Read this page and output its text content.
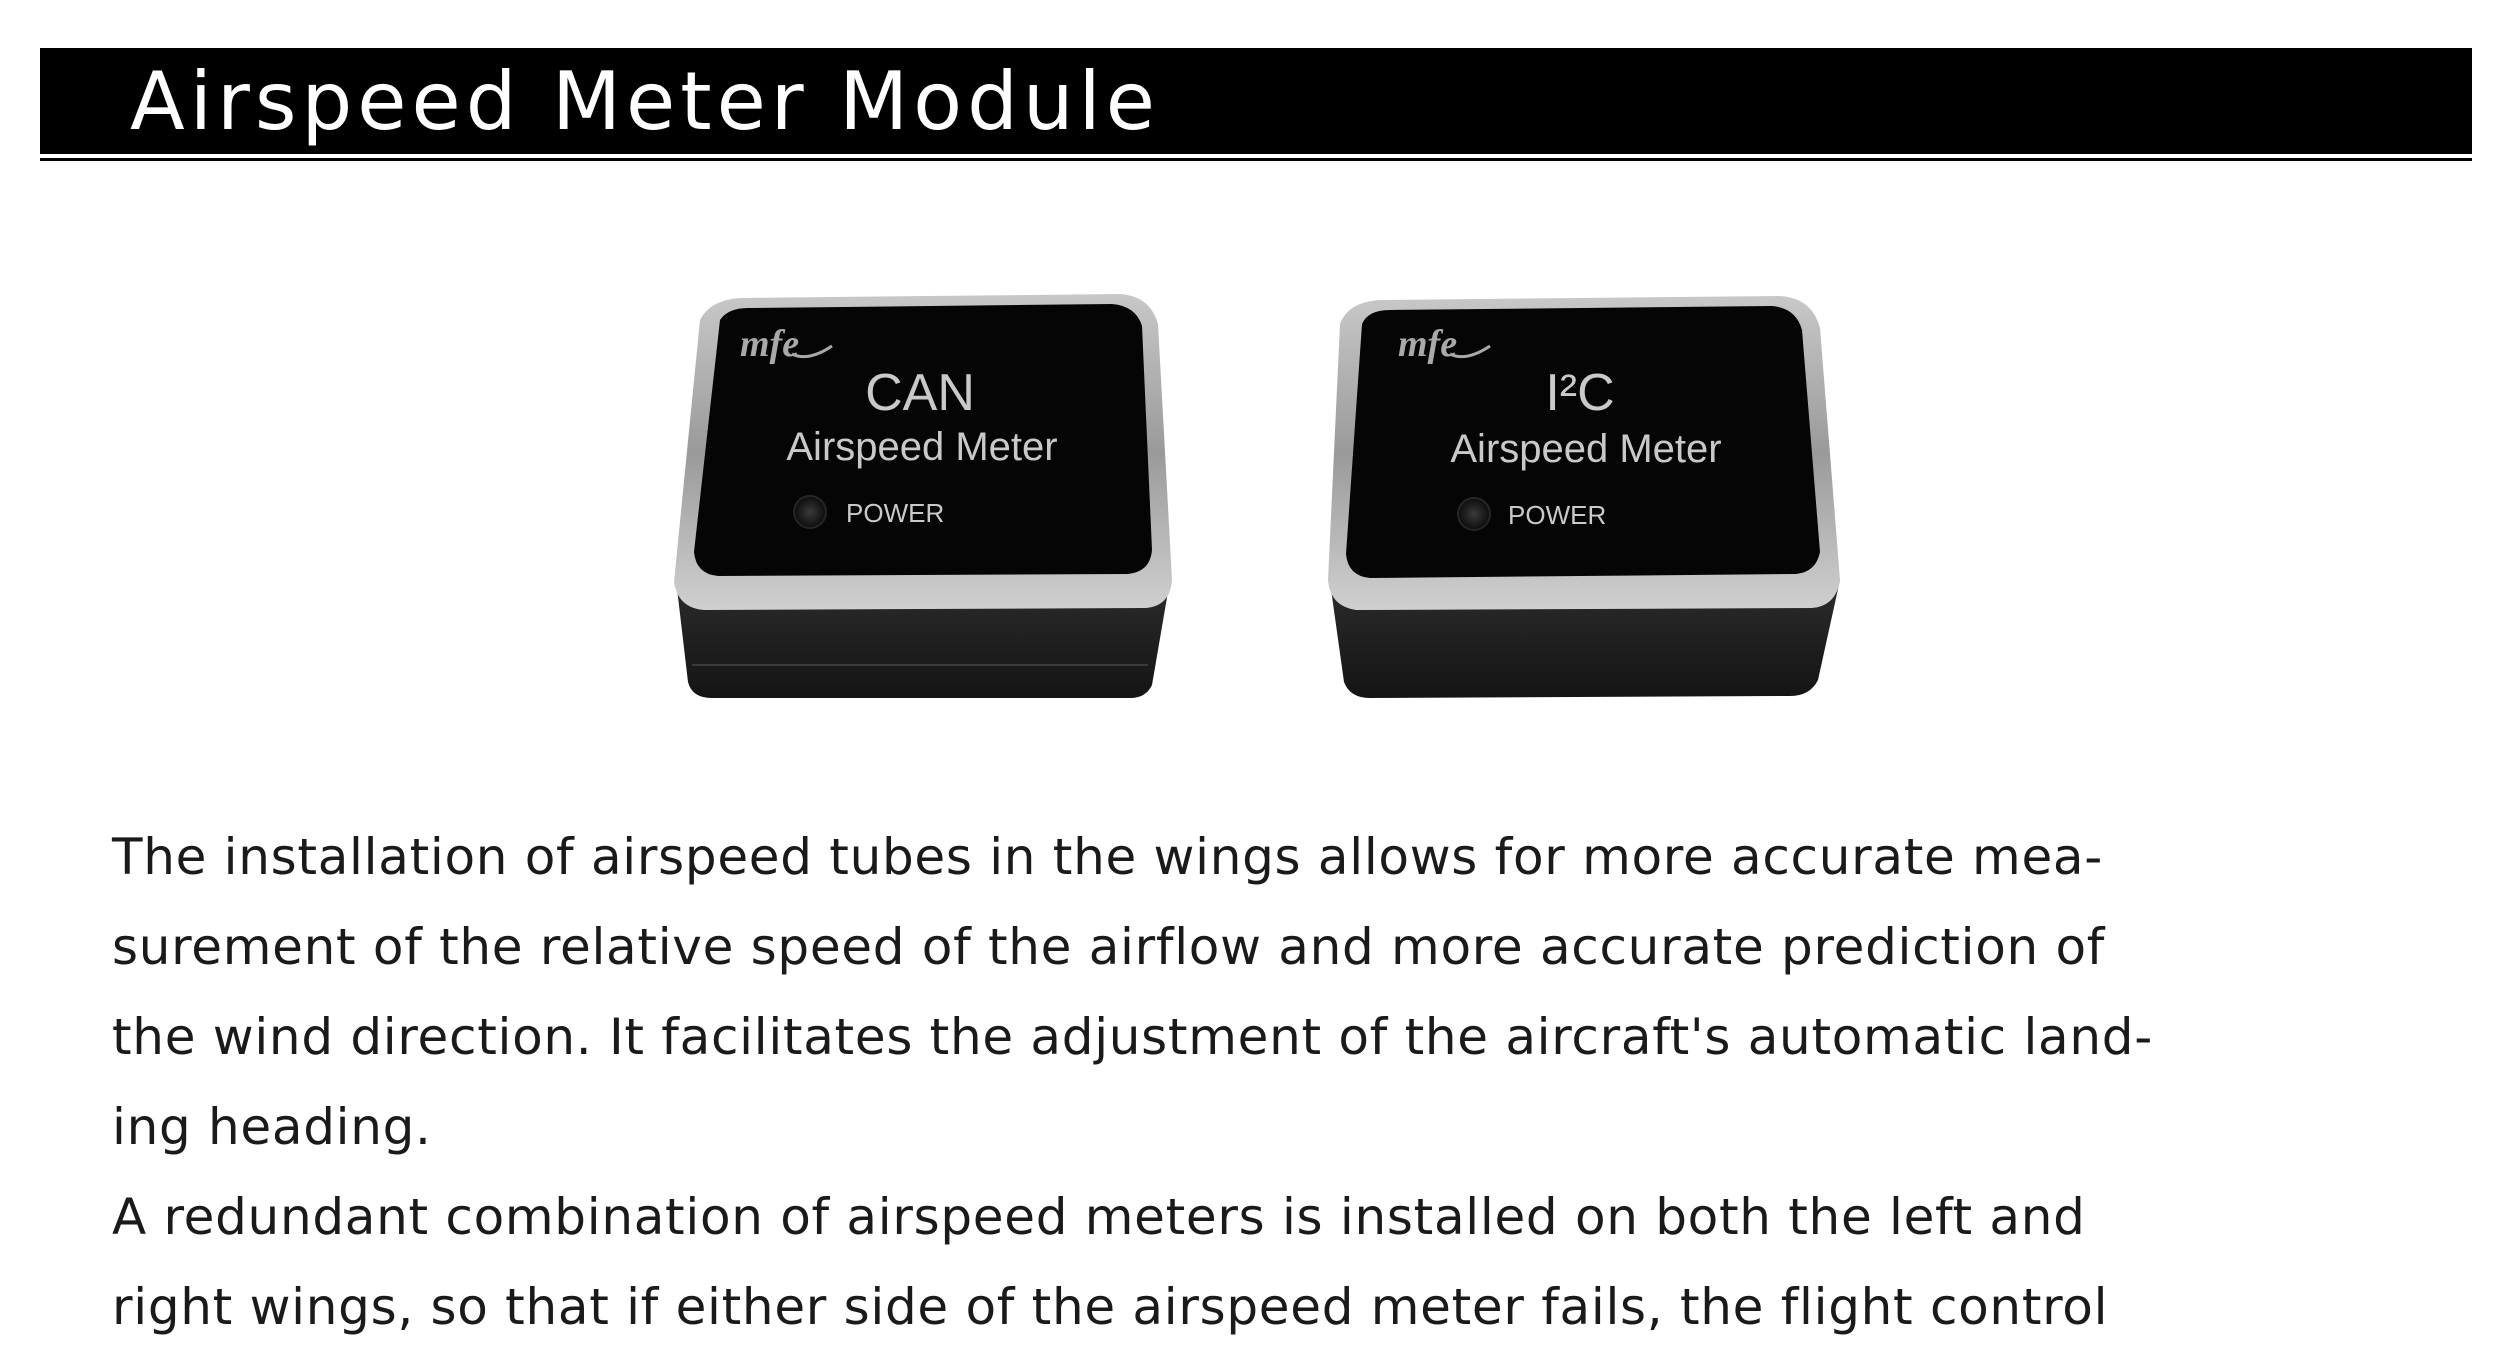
Airspeed Meter Module
mfe
CAN
Airspeed Meter
POWER
mfe
I²C
Airspeed Meter
POWER

The installation of airspeed tubes in the wings allows for more accurate mea-
surement of the relative speed of the airflow and more accurate prediction of
the wind direction. It facilitates the adjustment of the aircraft's automatic land-
ing heading.
A redundant combination of airspeed meters is installed on both the left and
right wings, so that if either side of the airspeed meter fails, the flight control
